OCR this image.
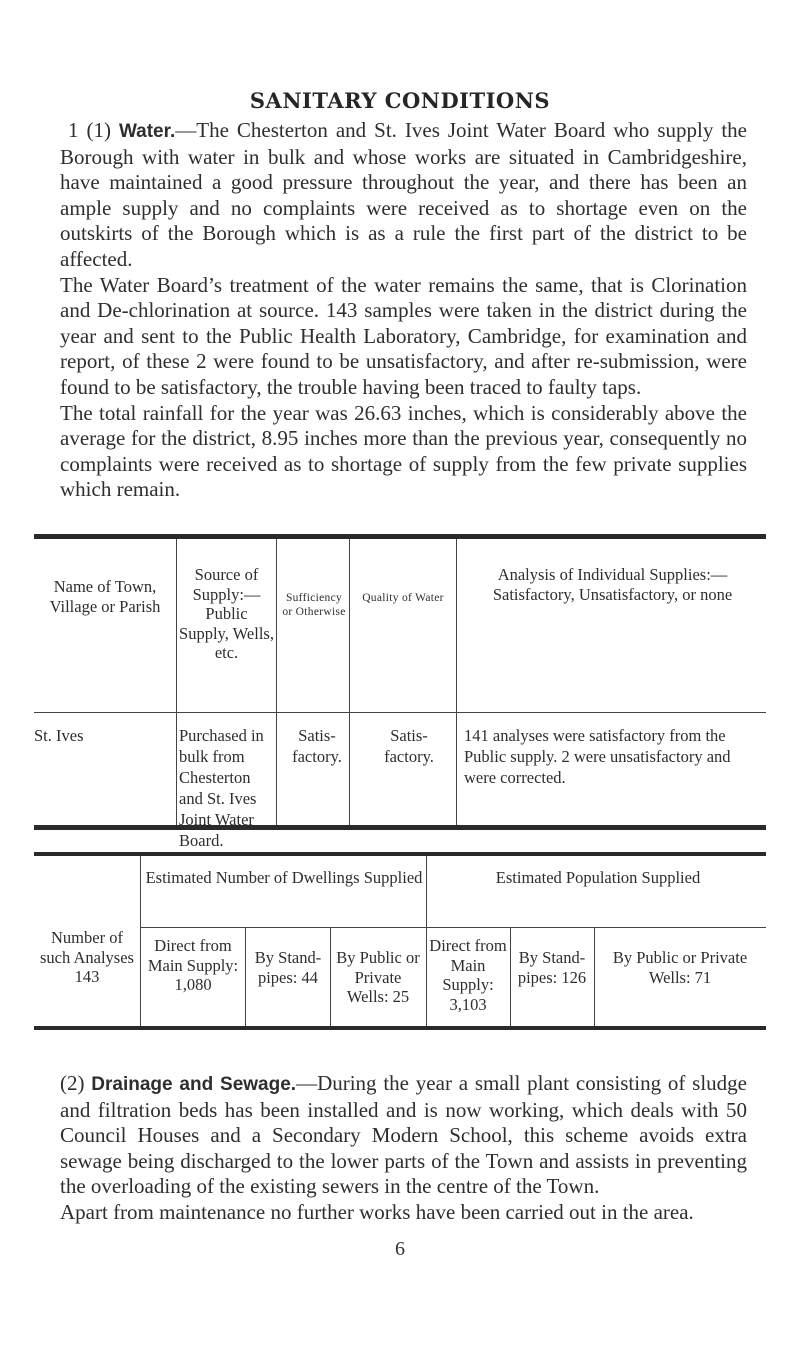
SANITARY CONDITIONS
1 (1) Water.—The Chesterton and St. Ives Joint Water Board who supply the Borough with water in bulk and whose works are situated in Cambridgeshire, have maintained a good pressure throughout the year, and there has been an ample supply and no complaints were received as to shortage even on the outskirts of the Borough which is as a rule the first part of the district to be affected.
The Water Board’s treatment of the water remains the same, that is Clorination and De-chlorination at source. 143 samples were taken in the district during the year and sent to the Public Health Laboratory, Cambridge, for examination and report, of these 2 were found to be unsatisfactory, and after re-submission, were found to be satisfactory, the trouble having been traced to faulty taps.
The total rainfall for the year was 26.63 inches, which is considerably above the average for the district, 8.95 inches more than the previous year, consequently no complaints were received as to shortage of supply from the few private supplies which remain.
Name of Town, Village or Parish
Source of Supply:— Public Supply, Wells, etc.
Sufficiency or Otherwise
Quality of Water
Analysis of Individual Supplies:— Satisfactory, Unsatisfactory, or none
St. Ives	Purchased in bulk from Chesterton and St. Ives Joint Water Board.
Satis-factory.
Satis-factory.
141 analyses were satisfactory from the Public supply. 2 were unsatisfactory and were corrected.
Number of such Analyses 143
Estimated Number of Dwellings Supplied	Estimated Population Supplied
Direct from Main Supply: 1,080
By Stand-pipes: 44
By Public or Private Wells: 25
Direct from Main Supply: 3,103
By Stand-pipes: 126
By Public or Private Wells: 71
(2) Drainage and Sewage.—During the year a small plant consisting of sludge and filtration beds has been installed and is now working, which deals with 50 Council Houses and a Secondary Modern School, this scheme avoids extra sewage being discharged to the lower parts of the Town and assists in preventing the overloading of the existing sewers in the centre of the Town.
Apart from maintenance no further works have been carried out in the area.
6
